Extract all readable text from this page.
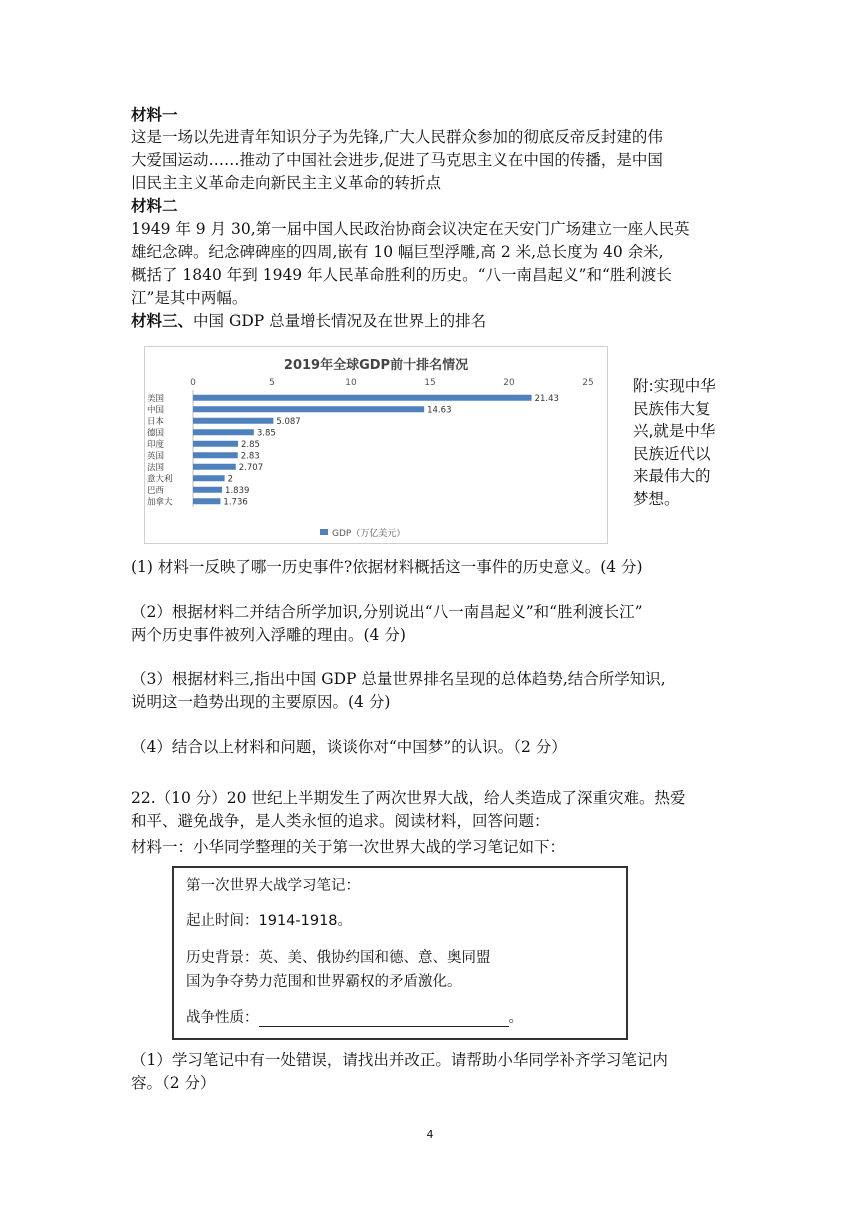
材料一
这是一场以先进青年知识分子为先锋,广大人民群众参加的彻底反帝反封建的伟
大爱国运动……推动了中国社会进步,促进了马克思主义在中国的传播，是中国
旧民主主义革命走向新民主主义革命的转折点
材料二
1949 年 9 月 30,第一届中国人民政治协商会议决定在天安门广场建立一座人民英
雄纪念碑。纪念碑碑座的四周,嵌有 10 幅巨型浮雕,高 2 米,总长度为 40 余米,
概括了 1840 年到 1949 年人民革命胜利的历史。“八一南昌起义”和“胜利渡长
江”是其中两幅。
材料三、中国 GDP 总量增长情况及在世界上的排名
2019年全球GDP前十排名情况
0	5	10	15	20	25
美国	21.43
中国	14.63
日本	5.087
德国	3.85
印度	2.85
英国	2.83
法国	2.707
意大利	2
巴西	1.839
加拿大	1.736
GDP（万亿美元）
附:实现中华
民族伟大复
兴,就是中华
民族近代以
来最伟大的
梦想。
(1) 材料一反映了哪一历史事件?依据材料概括这一事件的历史意义。(4 分)
（2）根据材料二并结合所学加识,分别说出“八一南昌起义”和“胜利渡长江”
两个历史事件被列入浮雕的理由。(4 分)
（3）根据材料三,指出中国 GDP 总量世界排名呈现的总体趋势,结合所学知识,
说明这一趋势出现的主要原因。(4 分)
（4）结合以上材料和问题，谈谈你对“中国梦”的认识。（2 分）
22.（10 分）20 世纪上半期发生了两次世界大战，给人类造成了深重灾难。热爱
和平、避免战争，是人类永恒的追求。阅读材料，回答问题：
材料一：小华同学整理的关于第一次世界大战的学习笔记如下：
第一次世界大战学习笔记：
起止时间：1914-1918。
历史背景：英、美、俄协约国和德、意、奥同盟
国为争夺势力范围和世界霸权的矛盾激化。
战争性质：	。
（1）学习笔记中有一处错误，请找出并改正。请帮助小华同学补齐学习笔记内
容。（2 分）
4
